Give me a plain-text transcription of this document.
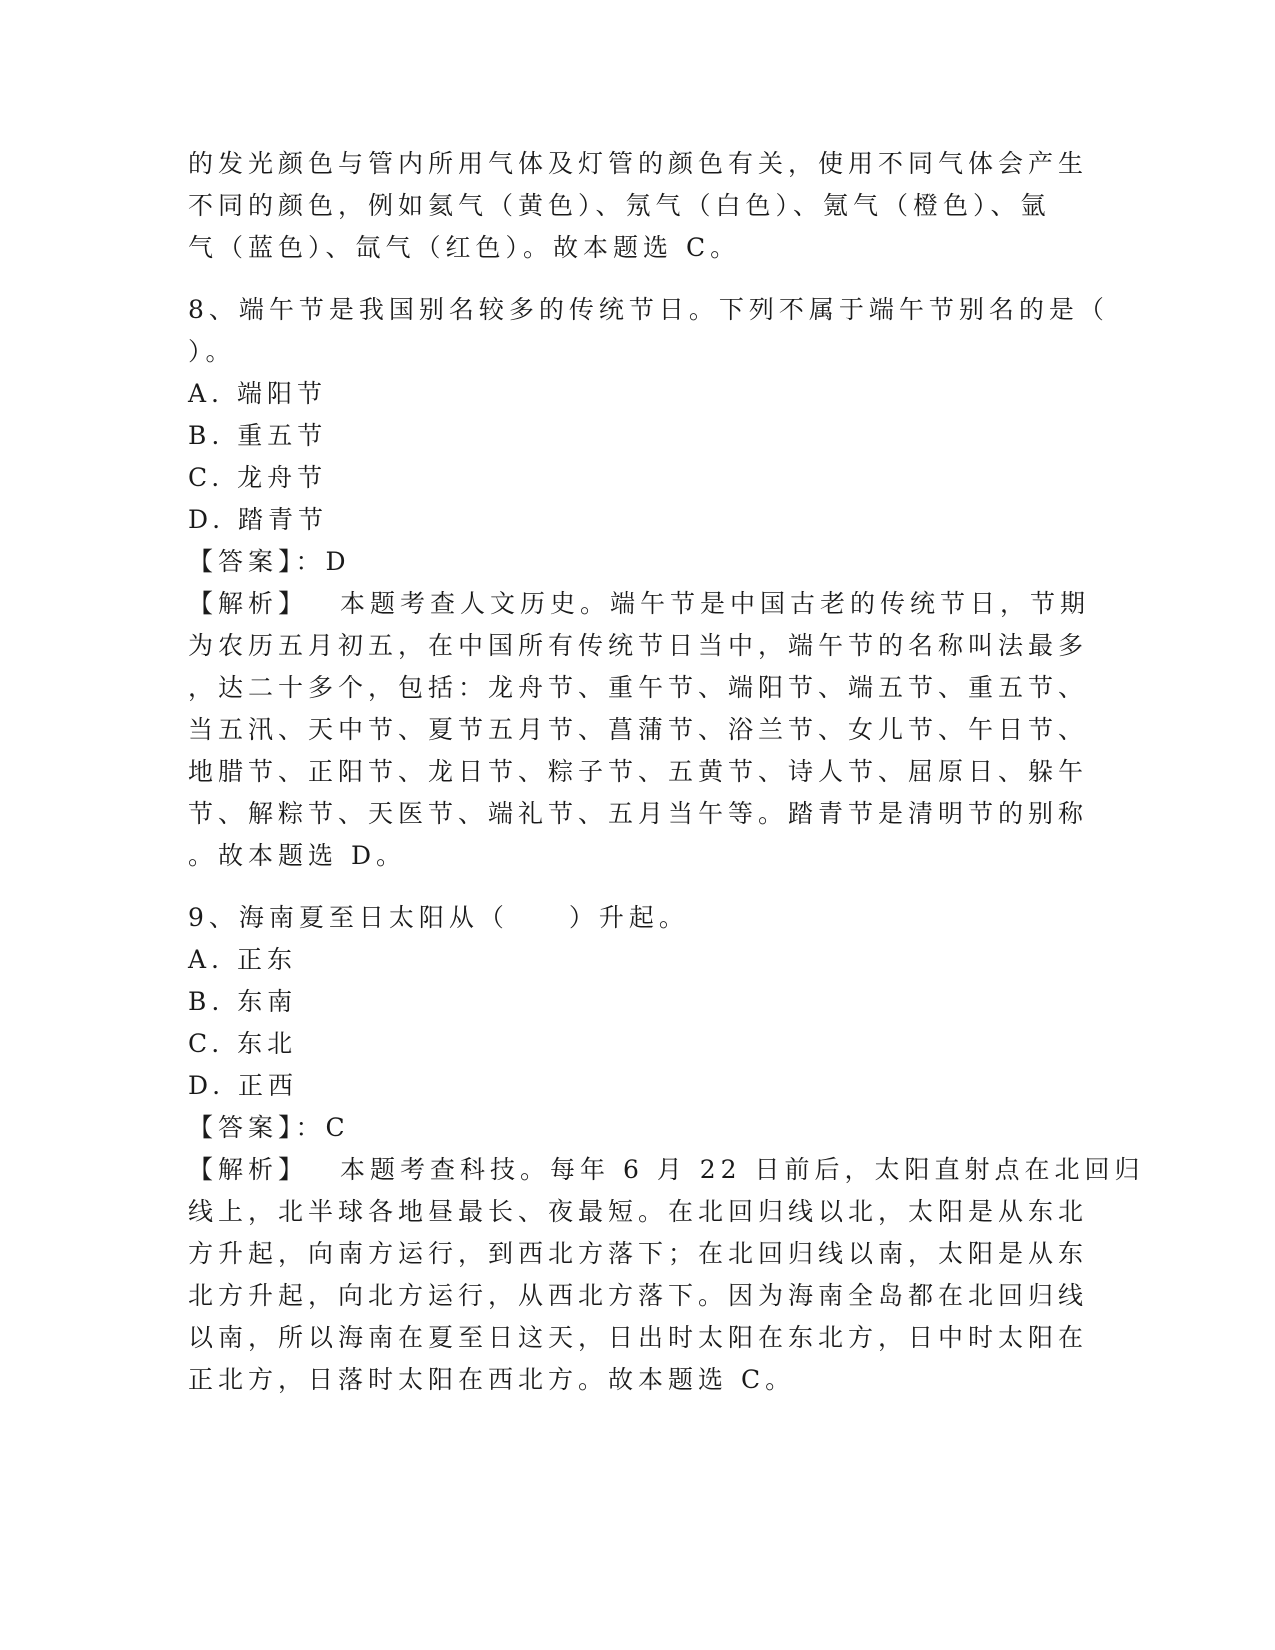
的发光颜色与管内所用气体及灯管的颜色有关，使用不同气体会产生
不同的颜色，例如氦气（黄色）、氖气（白色）、氪气（橙色）、氩
气（蓝色）、氙气（红色）。故本题选 C。
8、端午节是我国别名较多的传统节日。下列不属于端午节别名的是（
）。
A. 端阳节
B. 重五节
C. 龙舟节
D. 踏青节
【答案】：D
【解析】 本题考查人文历史。端午节是中国古老的传统节日，节期
为农历五月初五，在中国所有传统节日当中，端午节的名称叫法最多
，达二十多个，包括：龙舟节、重午节、端阳节、端五节、重五节、
当五汛、天中节、夏节五月节、菖蒲节、浴兰节、女儿节、午日节、
地腊节、正阳节、龙日节、粽子节、五黄节、诗人节、屈原日、躲午
节、解粽节、天医节、端礼节、五月当午等。踏青节是清明节的别称
。故本题选 D。
9、海南夏至日太阳从（　　）升起。
A. 正东
B. 东南
C. 东北
D. 正西
【答案】：C
【解析】 本题考查科技。每年 6 月 22 日前后，太阳直射点在北回归
线上，北半球各地昼最长、夜最短。在北回归线以北，太阳是从东北
方升起，向南方运行，到西北方落下；在北回归线以南，太阳是从东
北方升起，向北方运行，从西北方落下。因为海南全岛都在北回归线
以南，所以海南在夏至日这天，日出时太阳在东北方，日中时太阳在
正北方，日落时太阳在西北方。故本题选 C。
